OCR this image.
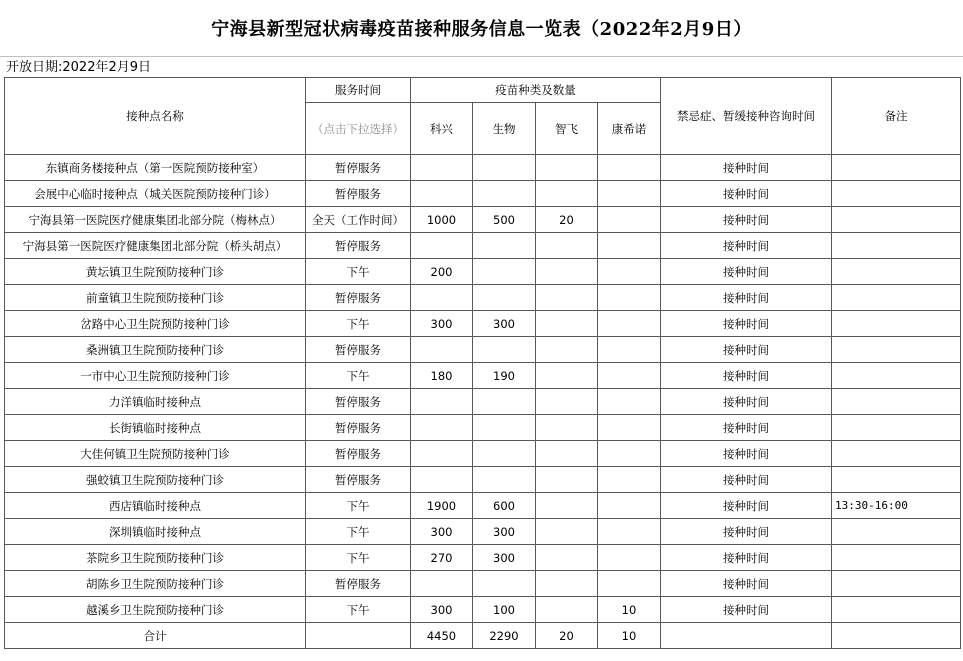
宁海县新型冠状病毒疫苗接种服务信息一览表（2022年2月9日）
开放日期:2022年2月9日
接种点名称	服务时间	疫苗种类及数量				禁忌症、暂缓接种咨询时间	备注
	（点击下拉选择）	科兴	生物	智飞	康希诺		

东镇商务楼接种点（第一医院预防接种室）	暂停服务					接种时间	
会展中心临时接种点（城关医院预防接种门诊）	暂停服务					接种时间	
宁海县第一医院医疗健康集团北部分院（梅林点）	全天（工作时间）	1000	500	20		接种时间	
宁海县第一医院医疗健康集团北部分院（桥头胡点）	暂停服务					接种时间	
黄坛镇卫生院预防接种门诊	下午	200				接种时间	
前童镇卫生院预防接种门诊	暂停服务					接种时间	
岔路中心卫生院预防接种门诊	下午	300	300			接种时间	
桑洲镇卫生院预防接种门诊	暂停服务					接种时间	
一市中心卫生院预防接种门诊	下午	180	190			接种时间	
力洋镇临时接种点	暂停服务					接种时间	
长街镇临时接种点	暂停服务					接种时间	
大佳何镇卫生院预防接种门诊	暂停服务					接种时间	
强蛟镇卫生院预防接种门诊	暂停服务					接种时间	
西店镇临时接种点	下午	1900	600			接种时间	13:30-16:00
深圳镇临时接种点	下午	300	300			接种时间	
茶院乡卫生院预防接种门诊	下午	270	300			接种时间	
胡陈乡卫生院预防接种门诊	暂停服务					接种时间	
越溪乡卫生院预防接种门诊	下午	300	100		10	接种时间	
合计		4450	2290	20	10		
